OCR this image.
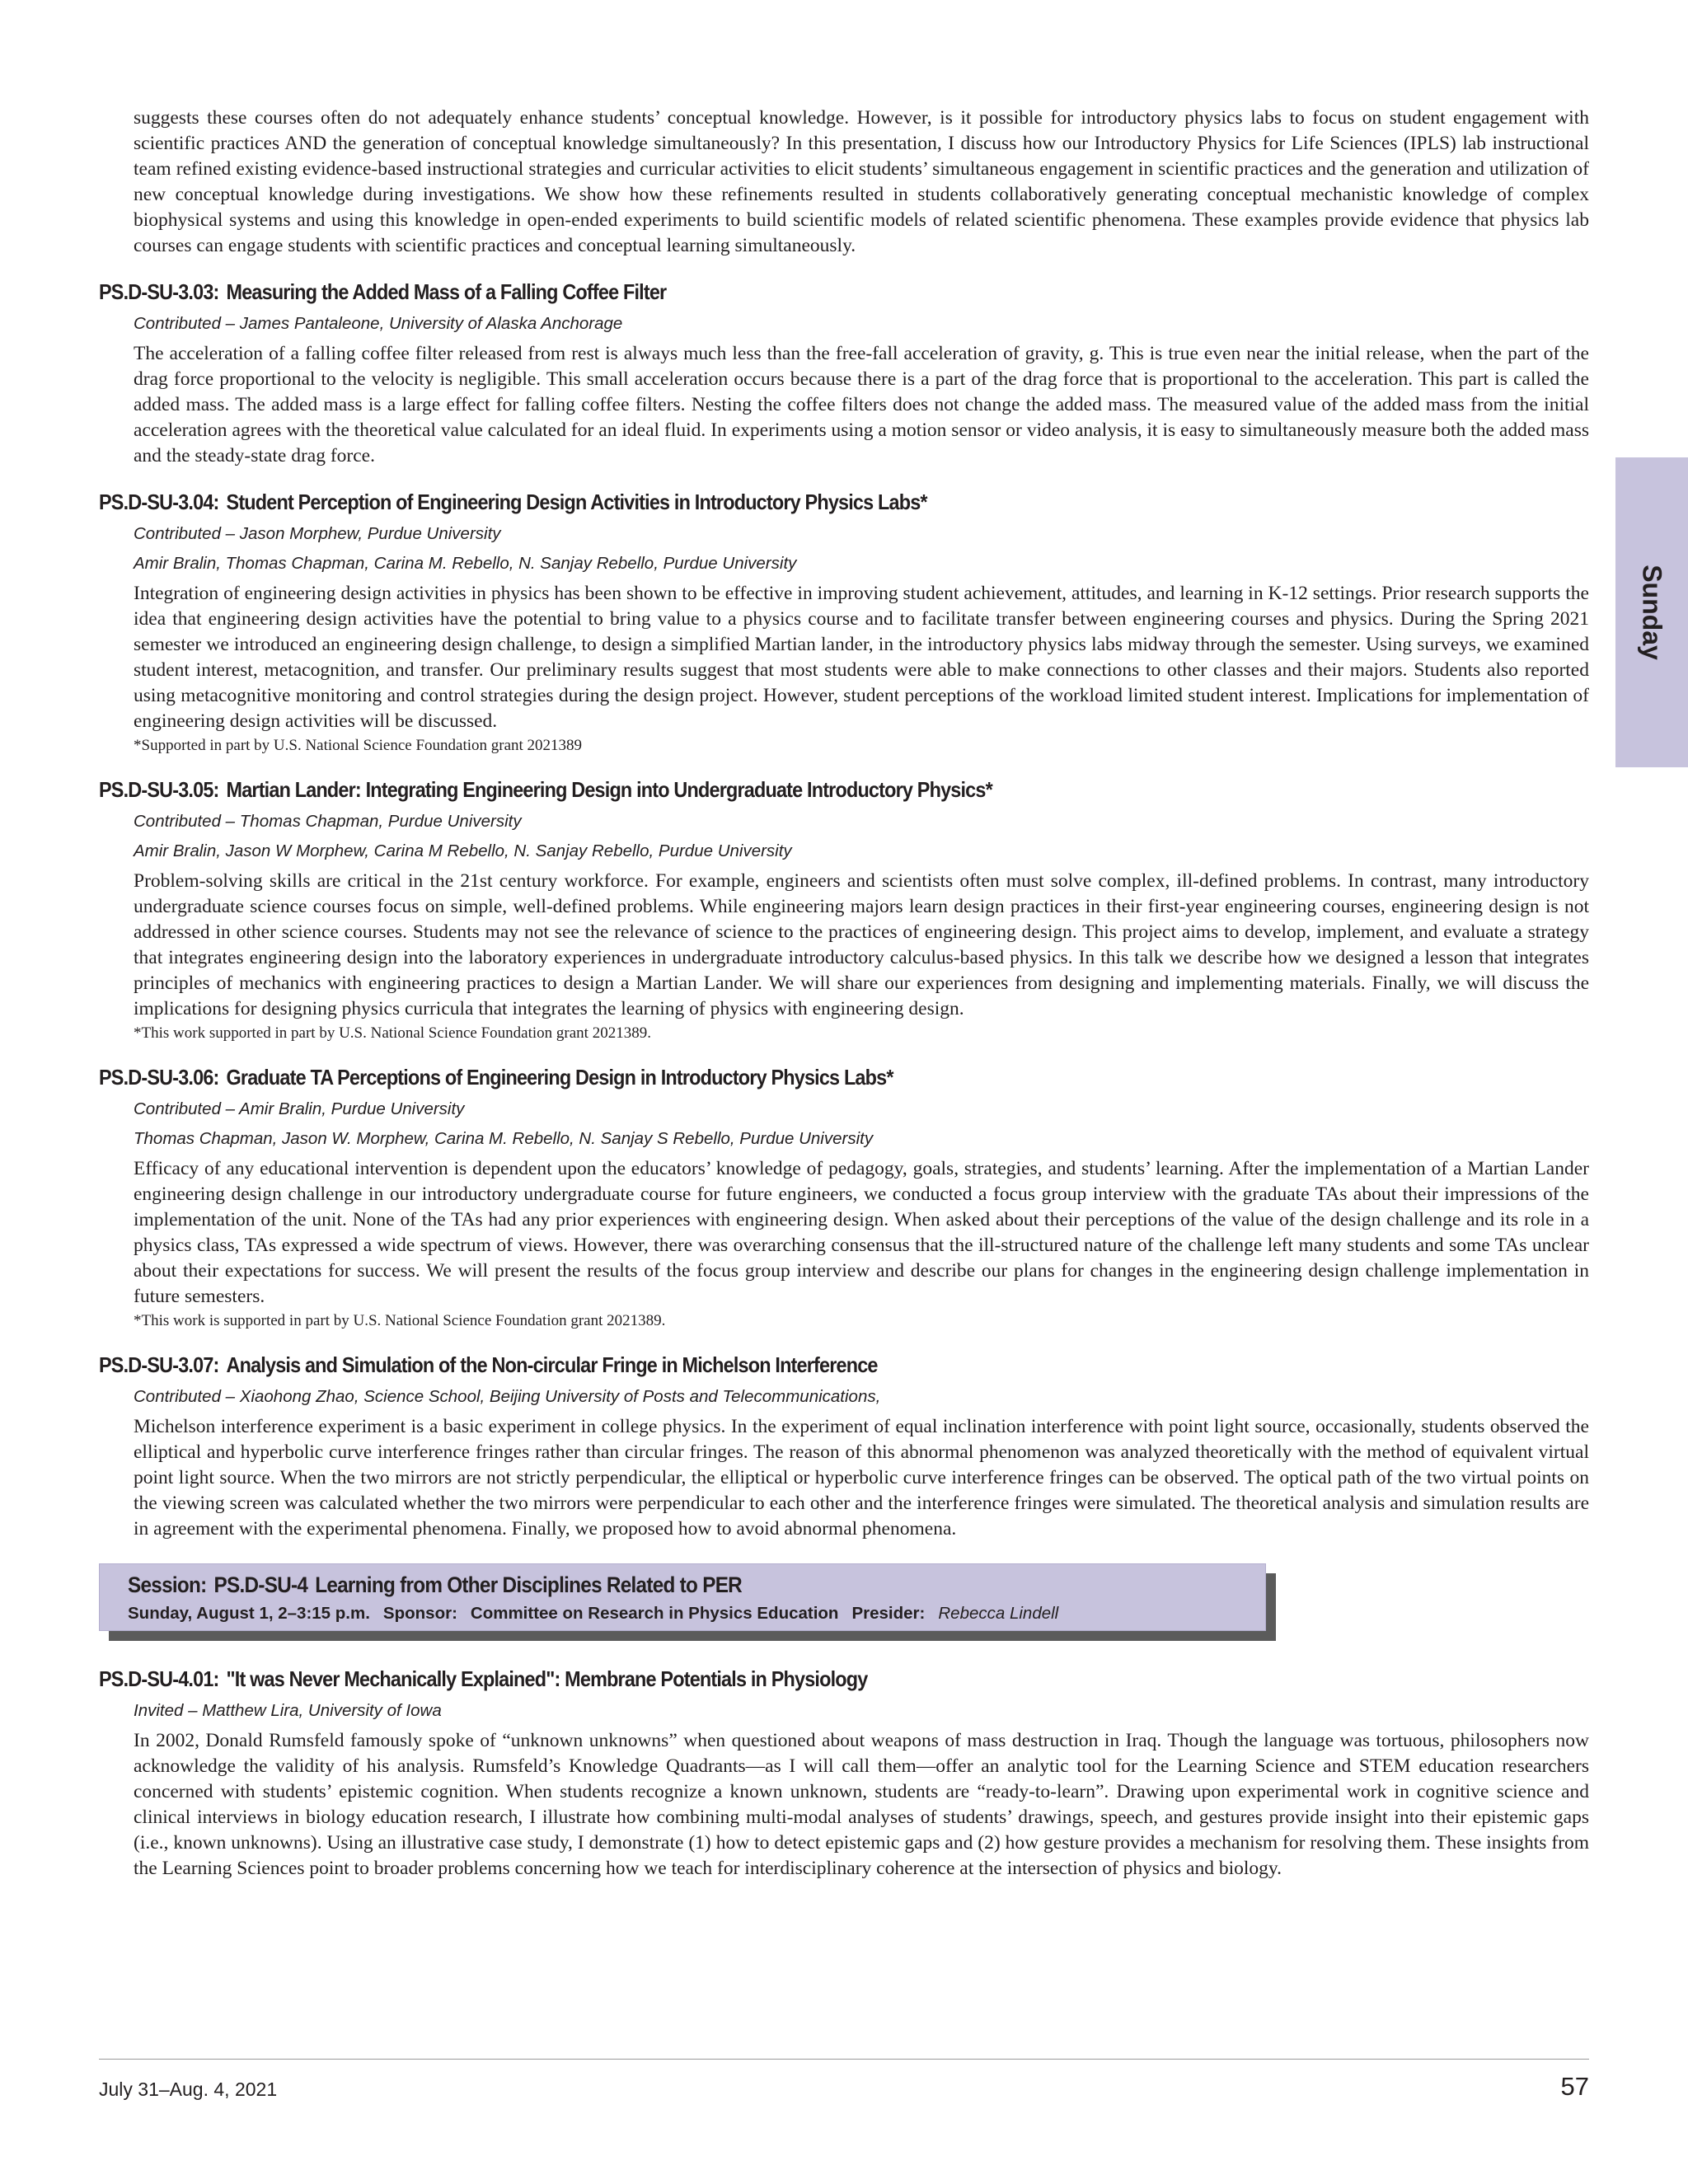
Sunday

suggests these courses often do not adequately enhance students’ conceptual knowledge. However, is it possible for introductory physics labs to focus on student engagement with scientific practices AND the generation of conceptual knowledge simultaneously? In this presentation, I discuss how our Introductory Physics for Life Sciences (IPLS) lab instructional team refined existing evidence-based instructional strategies and curricular activities to elicit students’ simultaneous engagement in scientific practices and the generation and utilization of new conceptual knowledge during investigations. We show how these refinements resulted in students collaboratively generating conceptual mechanistic knowledge of complex biophysical systems and using this knowledge in open-ended experiments to build scientific models of related scientific phenomena. These examples provide evidence that physics lab courses can engage students with scientific practices and conceptual learning simultaneously.

PS.D-SU-3.03: Measuring the Added Mass of a Falling Coffee Filter
Contributed – James Pantaleone, University of Alaska Anchorage

The acceleration of a falling coffee filter released from rest is always much less than the free-fall acceleration of gravity, g. This is true even near the initial release, when the part of the drag force proportional to the velocity is negligible. This small acceleration occurs because there is a part of the drag force that is proportional to the acceleration. This part is called the added mass. The added mass is a large effect for falling coffee filters. Nesting the coffee filters does not change the added mass. The measured value of the added mass from the initial acceleration agrees with the theoretical value calculated for an ideal fluid. In experiments using a motion sensor or video analysis, it is easy to simultaneously measure both the added mass and the steady-state drag force.

PS.D-SU-3.04: Student Perception of Engineering Design Activities in Introductory Physics Labs*
Contributed – Jason Morphew, Purdue University
Amir Bralin, Thomas Chapman, Carina M. Rebello, N. Sanjay Rebello, Purdue University

Integration of engineering design activities in physics has been shown to be effective in improving student achievement, attitudes, and learning in K-12 settings. Prior research supports the idea that engineering design activities have the potential to bring value to a physics course and to facilitate transfer between engineering courses and physics. During the Spring 2021 semester we introduced an engineering design challenge, to design a simplified Martian lander, in the introductory physics labs midway through the semester. Using surveys, we examined student interest, metacognition, and transfer. Our preliminary results suggest that most students were able to make connections to other classes and their majors. Students also reported using metacognitive monitoring and control strategies during the design project. However, student perceptions of the workload limited student interest. Implications for implementation of engineering design activities will be discussed.

*Supported in part by U.S. National Science Foundation grant 2021389
PS.D-SU-3.05: Martian Lander: Integrating Engineering Design into Undergraduate Introductory Physics*
Contributed – Thomas Chapman, Purdue University
Amir Bralin, Jason W Morphew, Carina M Rebello, N. Sanjay Rebello, Purdue University

Problem-solving skills are critical in the 21st century workforce. For example, engineers and scientists often must solve complex, ill-defined problems. In contrast, many introductory undergraduate science courses focus on simple, well-defined problems. While engineering majors learn design practices in their first-year engineering courses, engineering design is not addressed in other science courses. Students may not see the relevance of science to the practices of engineering design. This project aims to develop, implement, and evaluate a strategy that integrates engineering design into the laboratory experiences in undergraduate introductory calculus-based physics. In this talk we describe how we designed a lesson that integrates principles of mechanics with engineering practices to design a Martian Lander. We will share our experiences from designing and implementing materials. Finally, we will discuss the implications for designing physics curricula that integrates the learning of physics with engineering design.

*This work supported in part by U.S. National Science Foundation grant 2021389.
PS.D-SU-3.06: Graduate TA Perceptions of Engineering Design in Introductory Physics Labs*
Contributed – Amir Bralin, Purdue University
Thomas Chapman, Jason W. Morphew, Carina M. Rebello, N. Sanjay S Rebello, Purdue University

Efficacy of any educational intervention is dependent upon the educators’ knowledge of pedagogy, goals, strategies, and students’ learning. After the implementation of a Martian Lander engineering design challenge in our introductory undergraduate course for future engineers, we conducted a focus group interview with the graduate TAs about their impressions of the implementation of the unit. None of the TAs had any prior experiences with engineering design. When asked about their perceptions of the value of the design challenge and its role in a physics class, TAs expressed a wide spectrum of views. However, there was overarching consensus that the ill-structured nature of the challenge left many students and some TAs unclear about their expectations for success. We will present the results of the focus group interview and describe our plans for changes in the engineering design challenge implementation in future semesters.

*This work is supported in part by U.S. National Science Foundation grant 2021389.
PS.D-SU-3.07: Analysis and Simulation of the Non-circular Fringe in Michelson Interference
Contributed – Xiaohong Zhao, Science School, Beijing University of Posts and Telecommunications,

Michelson interference experiment is a basic experiment in college physics. In the experiment of equal inclination interference with point light source, occasionally, students observed the elliptical and hyperbolic curve interference fringes rather than circular fringes. The reason of this abnormal phenomenon was analyzed theoretically with the method of equivalent virtual point light source. When the two mirrors are not strictly perpendicular, the elliptical or hyperbolic curve interference fringes can be observed. The optical path of the two virtual points on the viewing screen was calculated whether the two mirrors were perpendicular to each other and the interference fringes were simulated. The theoretical analysis and simulation results are in agreement with the experimental phenomena. Finally, we proposed how to avoid abnormal phenomena.

Session: PS.D-SU-4 Learning from Other Disciplines Related to PER
Sunday, August 1, 2–3:15 p.m. Sponsor: Committee on Research in Physics Education Presider: Rebecca Lindell
PS.D-SU-4.01: "It was Never Mechanically Explained": Membrane Potentials in Physiology
Invited – Matthew Lira, University of Iowa

In 2002, Donald Rumsfeld famously spoke of “unknown unknowns” when questioned about weapons of mass destruction in Iraq. Though the language was tortuous, philosophers now acknowledge the validity of his analysis. Rumsfeld’s Knowledge Quadrants—as I will call them—offer an analytic tool for the Learning Science and STEM education researchers concerned with students’ epistemic cognition. When students recognize a known unknown, students are “ready-to-learn”. Drawing upon experimental work in cognitive science and clinical interviews in biology education research, I illustrate how combining multi-modal analyses of students’ drawings, speech, and gestures provide insight into their epistemic gaps (i.e., known unknowns). Using an illustrative case study, I demonstrate (1) how to detect epistemic gaps and (2) how gesture provides a mechanism for resolving them. These insights from the Learning Sciences point to broader problems concerning how we teach for interdisciplinary coherence at the intersection of physics and biology.

July 31–Aug. 4, 2021	57
